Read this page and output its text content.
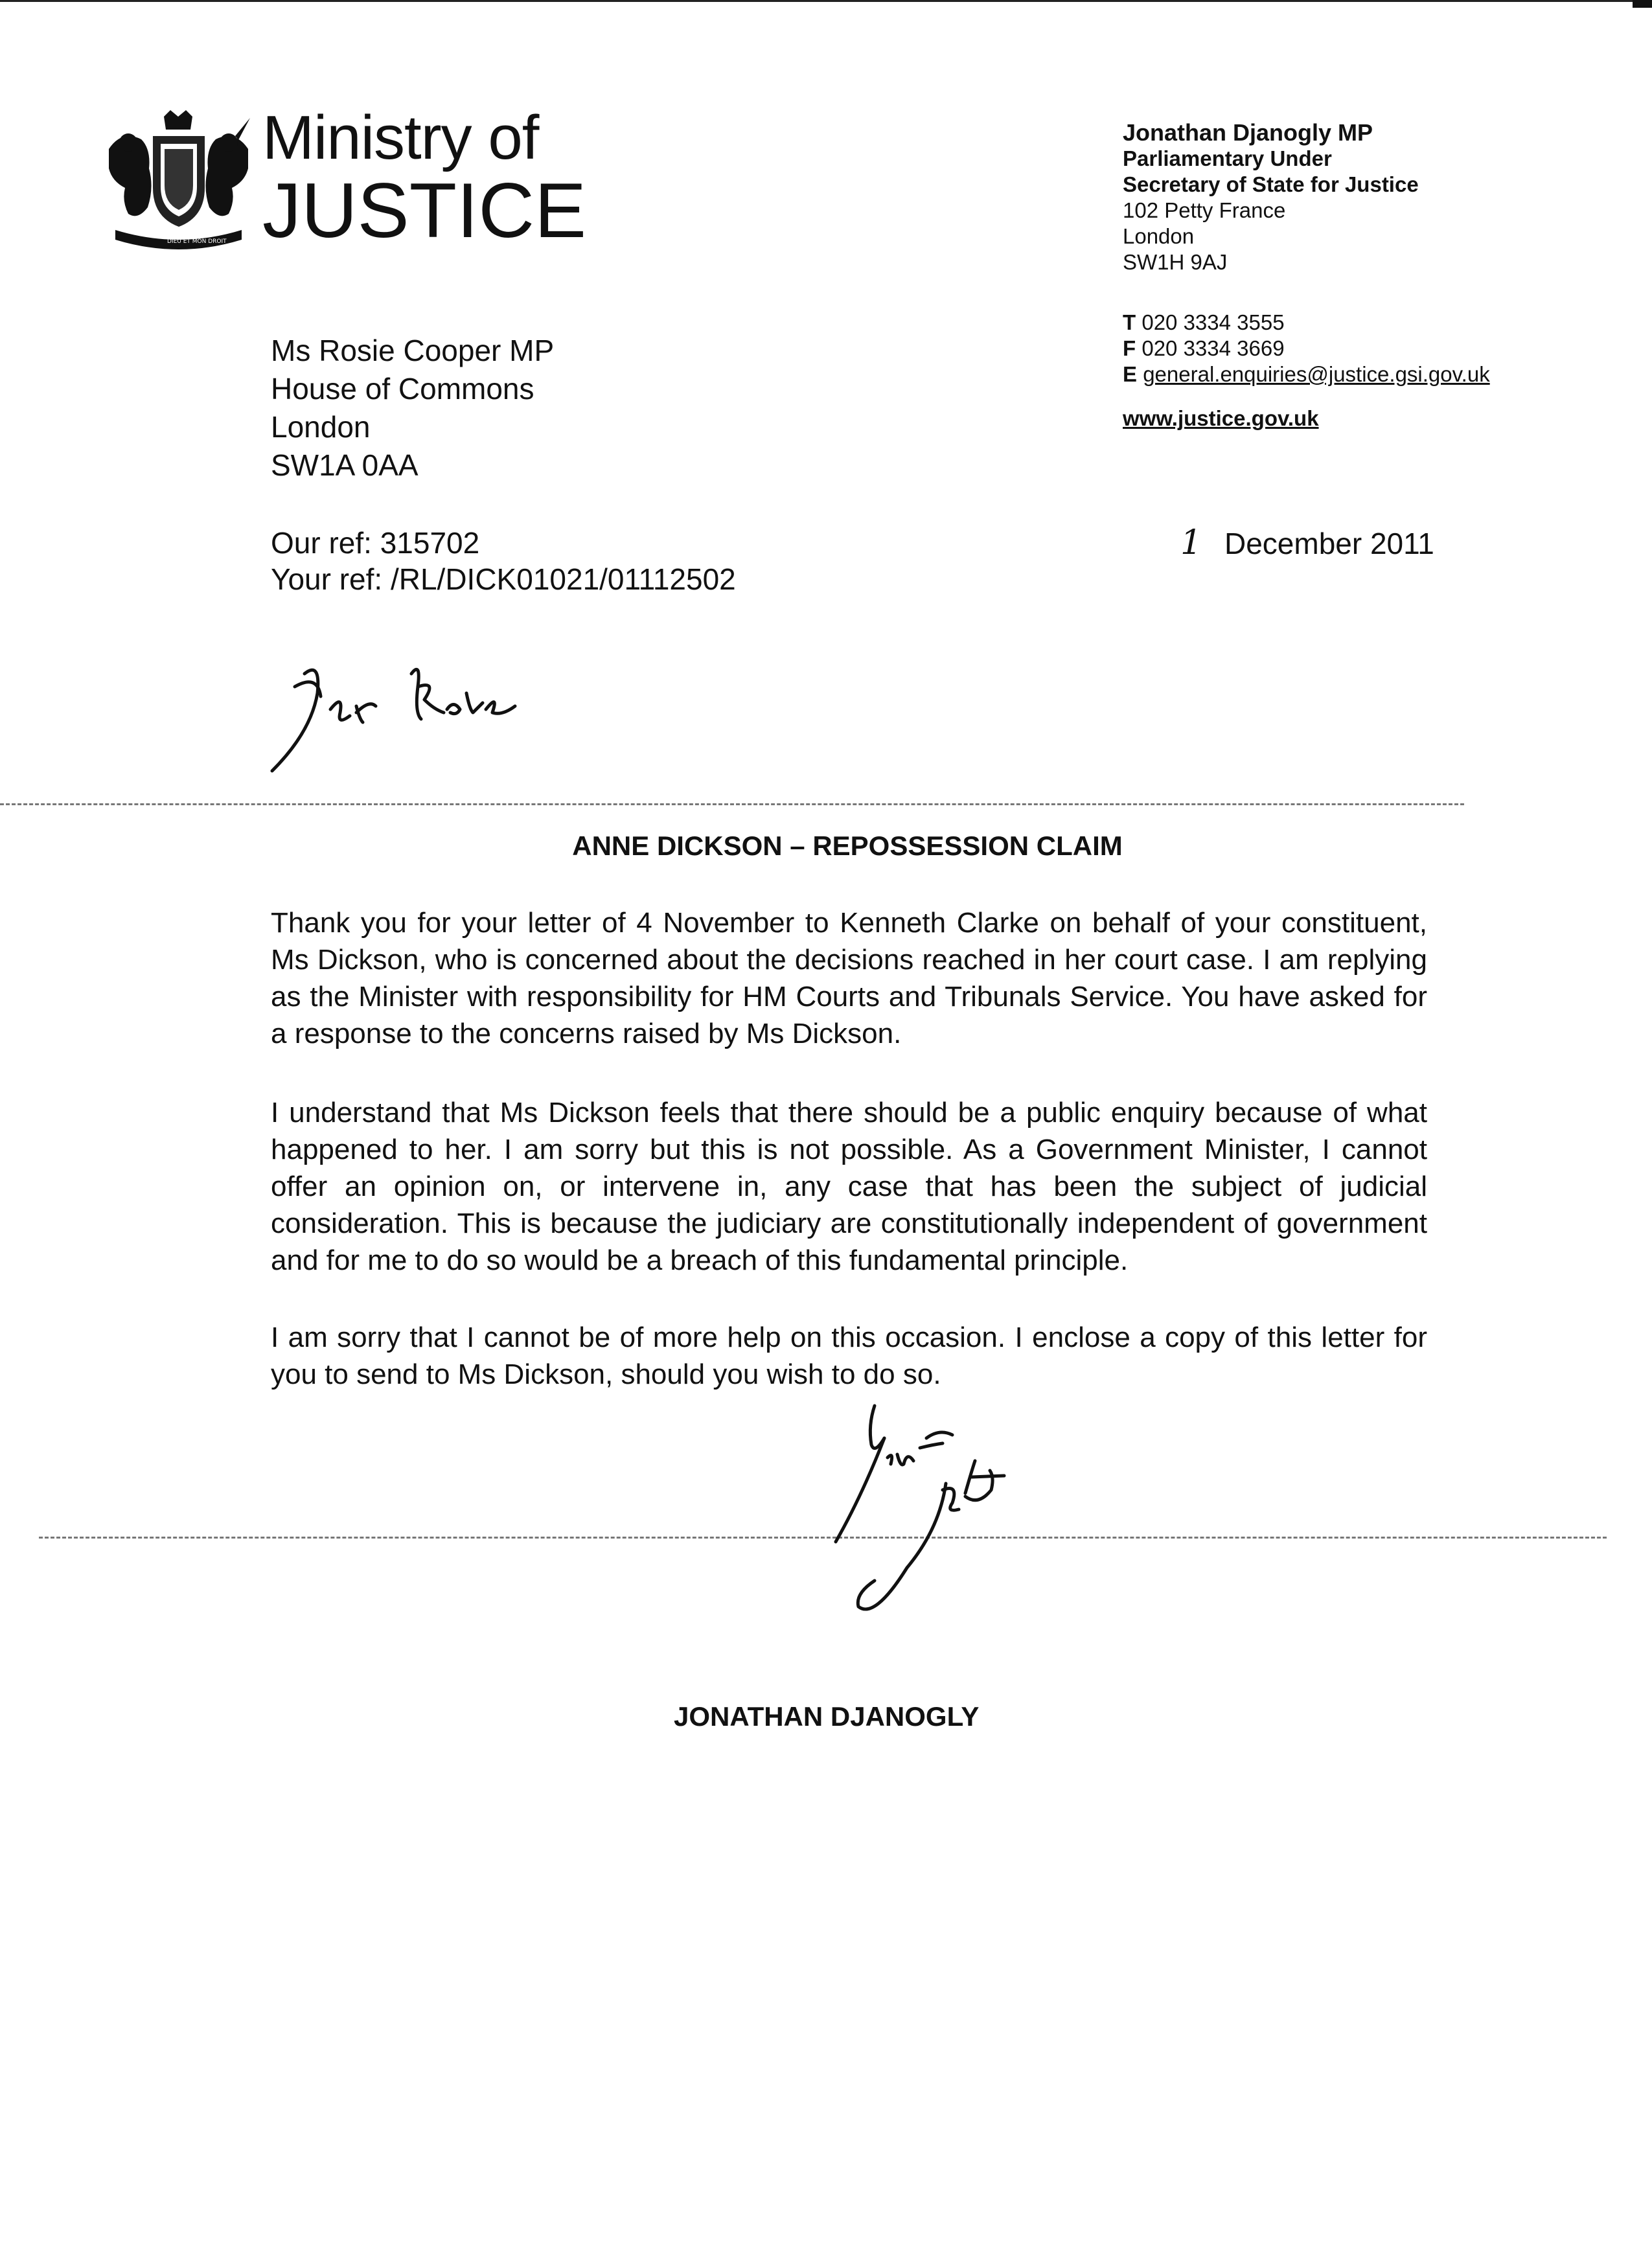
DIEU ET MON DROIT
Ministry of
JUSTICE
Jonathan Djanogly MP
Parliamentary Under
Secretary of State for Justice
102 Petty France
London
SW1H 9AJ
T 020 3334 3555
F 020 3334 3669
E general.enquiries@justice.gsi.gov.uk
www.justice.gov.uk
Ms Rosie Cooper MP
House of Commons
London
SW1A 0AA
Our ref: 315702
Your ref: /RL/DICK01021/01112502
1 December 2011
ANNE DICKSON – REPOSSESSION CLAIM
Thank you for your letter of 4 November to Kenneth Clarke on behalf of your constituent, Ms Dickson, who is concerned about the decisions reached in her court case. I am replying as the Minister with responsibility for HM Courts and Tribunals Service. You have asked for a response to the concerns raised by Ms Dickson.
I understand that Ms Dickson feels that there should be a public enquiry because of what happened to her. I am sorry but this is not possible. As a Government Minister, I cannot offer an opinion on, or intervene in, any case that has been the subject of judicial consideration. This is because the judiciary are constitutionally independent of government and for me to do so would be a breach of this fundamental principle.
I am sorry that I cannot be of more help on this occasion. I enclose a copy of this letter for you to send to Ms Dickson, should you wish to do so.
JONATHAN DJANOGLY
